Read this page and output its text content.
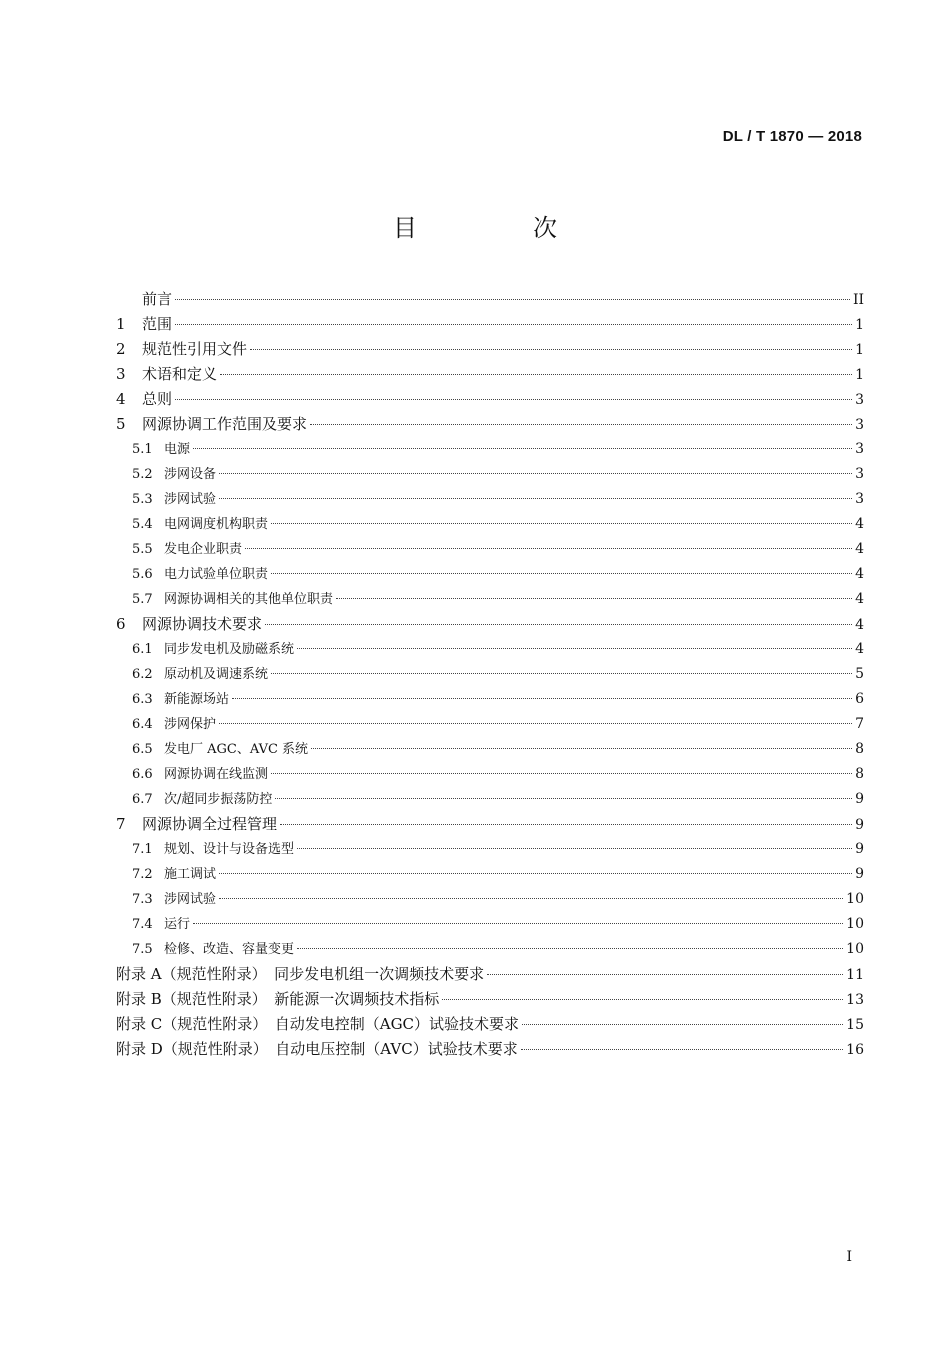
DL / T 1870 — 2018
目　次
前言	II
1	范围	1
2	规范性引用文件	1
3	术语和定义	1
4	总则	3
5	网源协调工作范围及要求	3
5.1 电源	3
5.2 涉网设备	3
5.3 涉网试验	3
5.4 电网调度机构职责	4
5.5 发电企业职责	4
5.6 电力试验单位职责	4
5.7 网源协调相关的其他单位职责	4
6	网源协调技术要求	4
6.1 同步发电机及励磁系统	4
6.2 原动机及调速系统	5
6.3 新能源场站	6
6.4 涉网保护	7
6.5 发电厂 AGC、AVC 系统	8
6.6 网源协调在线监测	8
6.7 次/超同步振荡防控	9
7	网源协调全过程管理	9
7.1 规划、设计与设备选型	9
7.2 施工调试	9
7.3 涉网试验	10
7.4 运行	10
7.5 检修、改造、容量变更	10
附录 A（规范性附录）　同步发电机组一次调频技术要求	11
附录 B（规范性附录）　新能源一次调频技术指标	13
附录 C（规范性附录）　自动发电控制（AGC）试验技术要求	15
附录 D（规范性附录）　自动电压控制（AVC）试验技术要求	16
I
